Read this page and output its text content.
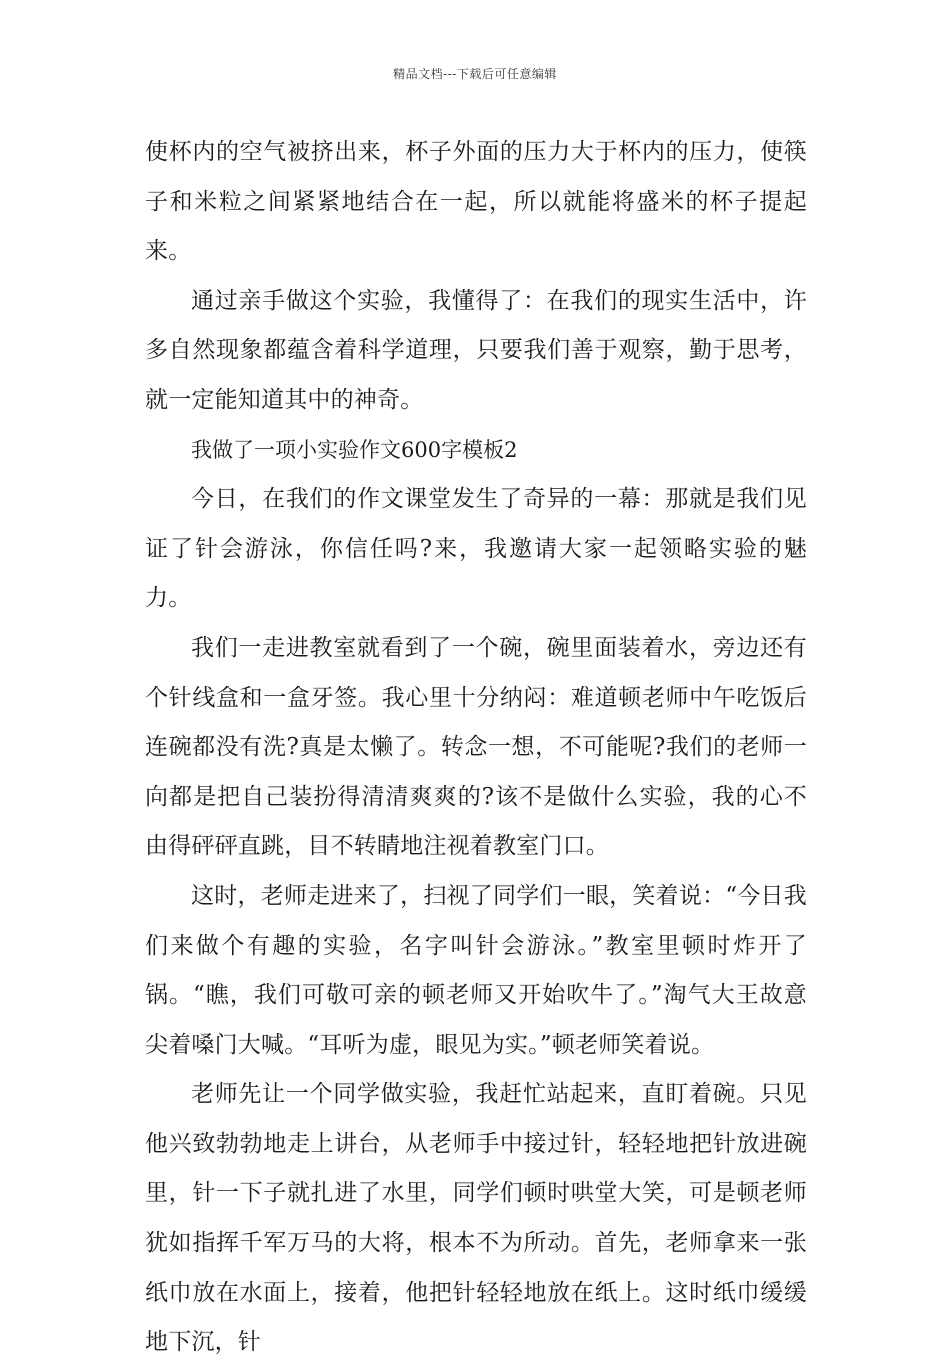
精品文档---下载后可任意编辑

使杯内的空气被挤出来，杯子外面的压力大于杯内的压力，使筷子和米粒之间紧紧地结合在一起，所以就能将盛米的杯子提起来。

通过亲手做这个实验，我懂得了：在我们的现实生活中，许多自然现象都蕴含着科学道理，只要我们善于观察，勤于思考，就一定能知道其中的神奇。

我做了一项小实验作文600字模板2

今日，在我们的作文课堂发生了奇异的一幕：那就是我们见证了针会游泳，你信任吗?来，我邀请大家一起领略实验的魅力。

我们一走进教室就看到了一个碗，碗里面装着水，旁边还有个针线盒和一盒牙签。我心里十分纳闷：难道顿老师中午吃饭后连碗都没有洗?真是太懒了。转念一想，不可能呢?我们的老师一向都是把自己装扮得清清爽爽的?该不是做什么实验，我的心不由得砰砰直跳，目不转睛地注视着教室门口。

这时，老师走进来了，扫视了同学们一眼，笑着说：“今日我们来做个有趣的实验，名字叫针会游泳。”教室里顿时炸开了锅。“瞧，我们可敬可亲的顿老师又开始吹牛了。”淘气大王故意尖着嗓门大喊。“耳听为虚，眼见为实。”顿老师笑着说。

老师先让一个同学做实验，我赶忙站起来，直盯着碗。只见他兴致勃勃地走上讲台，从老师手中接过针，轻轻地把针放进碗里，针一下子就扎进了水里，同学们顿时哄堂大笑，可是顿老师犹如指挥千军万马的大将，根本不为所动。首先，老师拿来一张纸巾放在水面上，接着，他把针轻轻地放在纸上。这时纸巾缓缓地下沉，针
